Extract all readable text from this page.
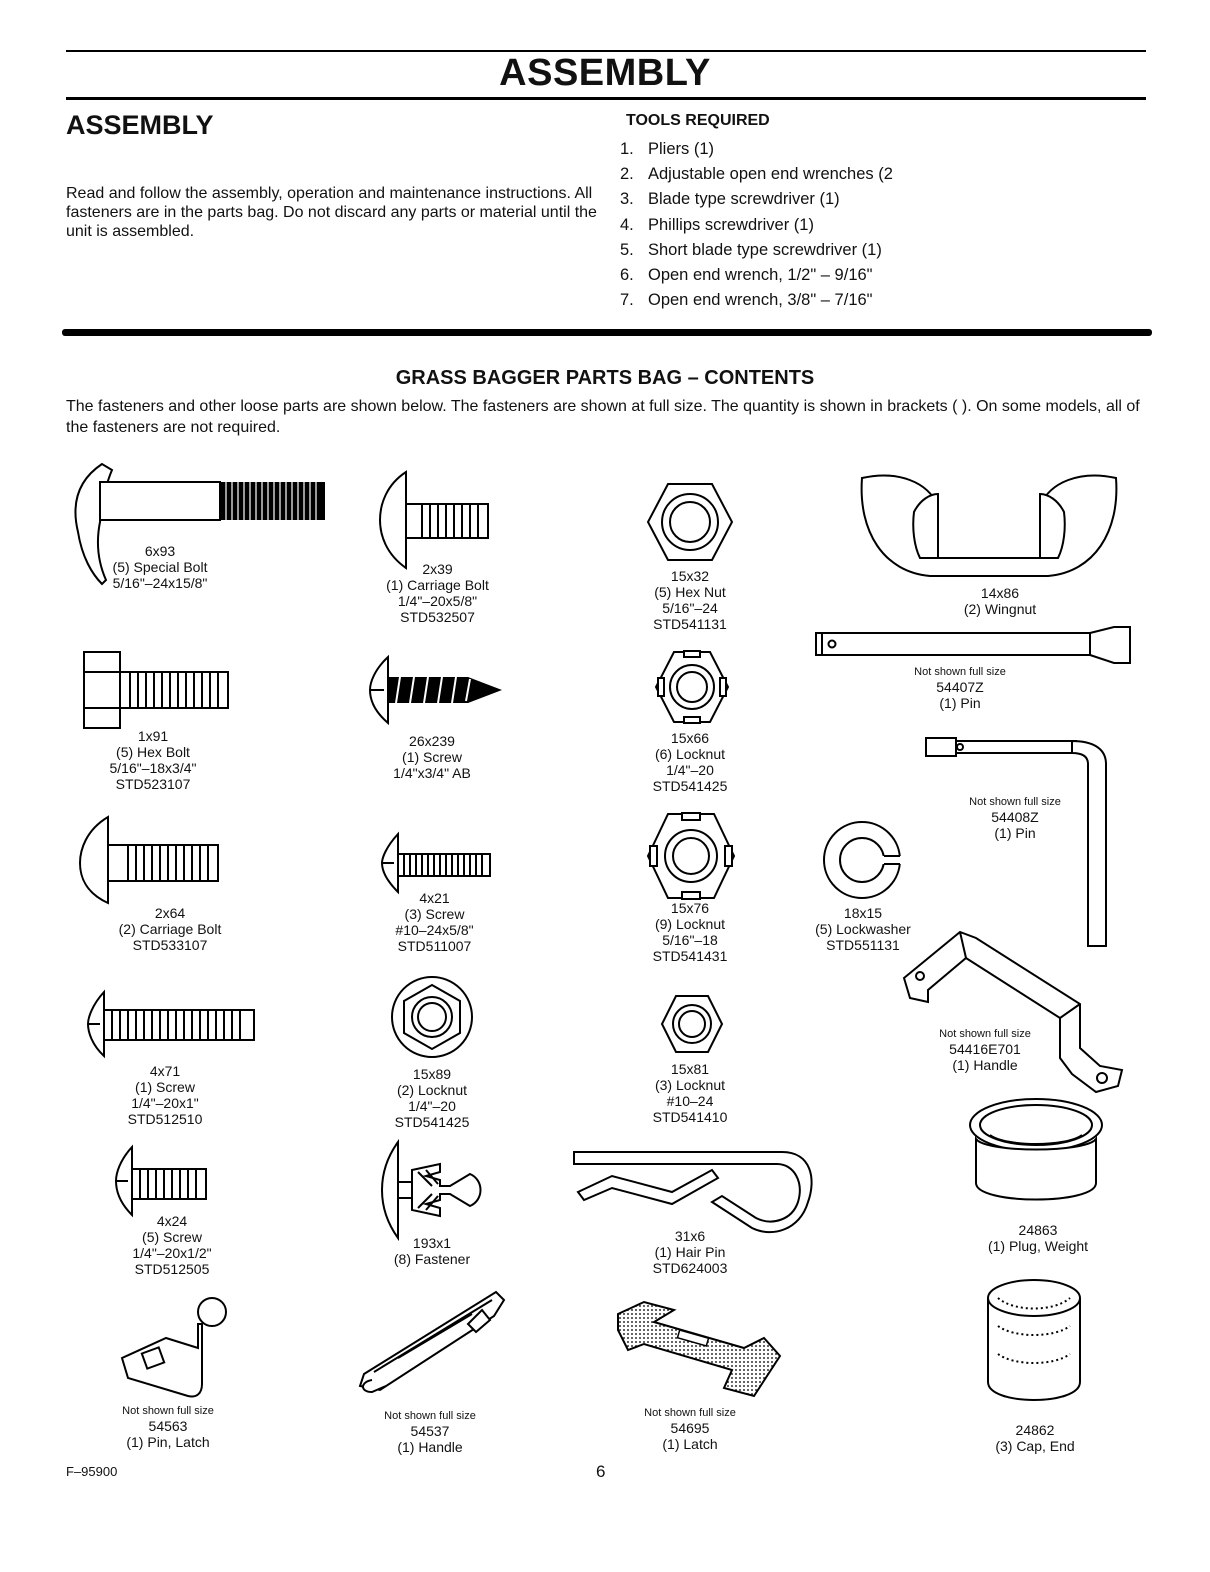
ASSEMBLY
ASSEMBLY
Read and follow the assembly, operation and maintenance instructions. All fasteners are in the parts bag. Do not discard any parts or material until the unit is assembled.
TOOLS REQUIRED
1. Pliers (1)
2. Adjustable open end wrenches (2
3. Blade type screwdriver (1)
4. Phillips screwdriver (1)
5. Short blade type screwdriver (1)
6. Open end wrench, 1/2" – 9/16"
7. Open end wrench, 3/8" – 7/16"
GRASS BAGGER PARTS BAG – CONTENTS
The fasteners and other loose parts are shown below. The fasteners are shown at full size. The quantity is shown in brackets ( ). On some models, all of the fasteners are not required.
6x93
(5) Special Bolt
5/16"–24x15/8"
1x91
(5) Hex Bolt
5/16"–18x3/4"
STD523107
2x64
(2) Carriage Bolt
STD533107
4x71
(1) Screw
1/4"–20x1"
STD512510
4x24
(5) Screw
1/4"–20x1/2"
STD512505
Not shown full size
54563
(1) Pin, Latch
2x39
(1) Carriage Bolt
1/4"–20x5/8"
STD532507
26x239
(1) Screw
1/4"x3/4" AB
4x21
(3) Screw
#10–24x5/8"
STD511007
15x89
(2) Locknut
1/4"–20
STD541425
193x1
(8) Fastener
Not shown full size
54537
(1) Handle
15x32
(5) Hex Nut
5/16"–24
STD541131
15x66
(6) Locknut
1/4"–20
STD541425
15x76
(9) Locknut
5/16"–18
STD541431
15x81
(3) Locknut
#10–24
STD541410
31x6
(1) Hair Pin
STD624003
Not shown full size
54695
(1) Latch
14x86
(2) Wingnut
Not shown full size
54407Z
(1) Pin
Not shown full size
54408Z
(1) Pin
18x15
(5) Lockwasher
STD551131
Not shown full size
54416E701
(1) Handle
24863
(1) Plug, Weight
24862
(3) Cap, End
F–95900	6
